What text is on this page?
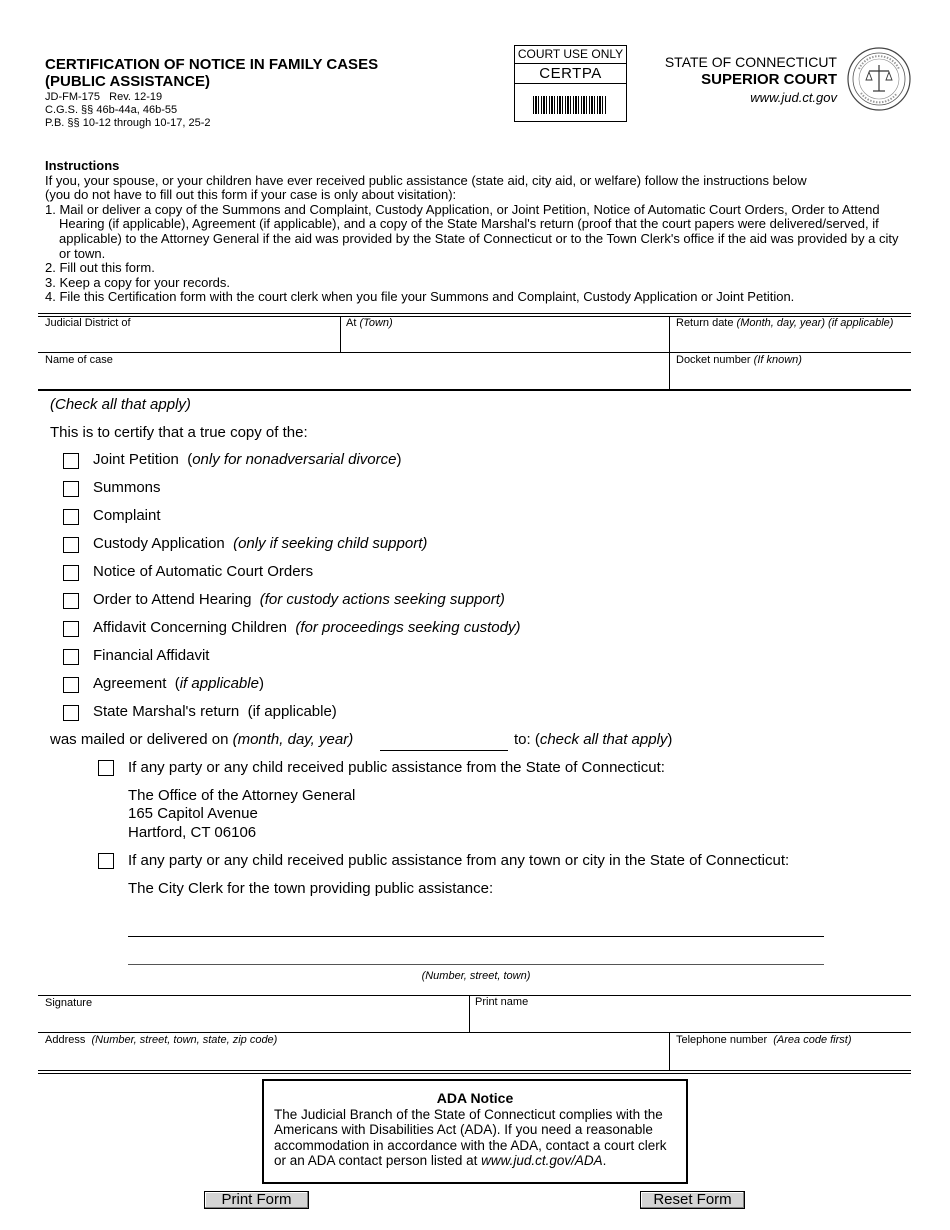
CERTIFICATION OF NOTICE IN FAMILY CASES
(PUBLIC ASSISTANCE)
JD-FM-175   Rev. 12-19
C.G.S. §§ 46b-44a, 46b-55
P.B. §§ 10-12 through 10-17, 25-2
COURT USE ONLY
CERTPA
STATE OF CONNECTICUT
SUPERIOR COURT
www.jud.ct.gov
Instructions
If you, your spouse, or your children have ever received public assistance (state aid, city aid, or welfare) follow the instructions below
(you do not have to fill out this form if your case is only about visitation):
1. Mail or deliver a copy of the Summons and Complaint, Custody Application, or Joint Petition, Notice of Automatic Court Orders, Order to Attend Hearing (if applicable), Agreement (if applicable), and a copy of the State Marshal's return (proof that the court papers were delivered/served, if applicable) to the Attorney General if the aid was provided by the State of Connecticut or to the Town Clerk's office if the aid was provided by a city or town.
2. Fill out this form.
3. Keep a copy for your records.
4. File this Certification form with the court clerk when you file your Summons and Complaint, Custody Application or Joint Petition.
Judicial District of	At (Town)	Return date (Month, day, year) (if applicable)
Name of case	Docket number (If known)
(Check all that apply)
This is to certify that a true copy of the:
Joint Petition  (only for nonadversarial divorce)
Summons
Complaint
Custody Application  (only if seeking child support)
Notice of Automatic Court Orders
Order to Attend Hearing  (for custody actions seeking support)
Affidavit Concerning Children  (for proceedings seeking custody)
Financial Affidavit
Agreement  (if applicable)
State Marshal's return  (if applicable)
was mailed or delivered on (month, day, year)	to: (check all that apply)
If any party or any child received public assistance from the State of Connecticut:
The Office of the Attorney General
165 Capitol Avenue
Hartford, CT 06106
If any party or any child received public assistance from any town or city in the State of Connecticut:
The City Clerk for the town providing public assistance:
(Number, street, town)
Signature	Print name
Address (Number, street, town, state, zip code)	Telephone number (Area code first)
ADA Notice
The Judicial Branch of the State of Connecticut complies with the Americans with Disabilities Act (ADA). If you need a reasonable accommodation in accordance with the ADA, contact a court clerk or an ADA contact person listed at www.jud.ct.gov/ADA.
Print Form	Reset Form
